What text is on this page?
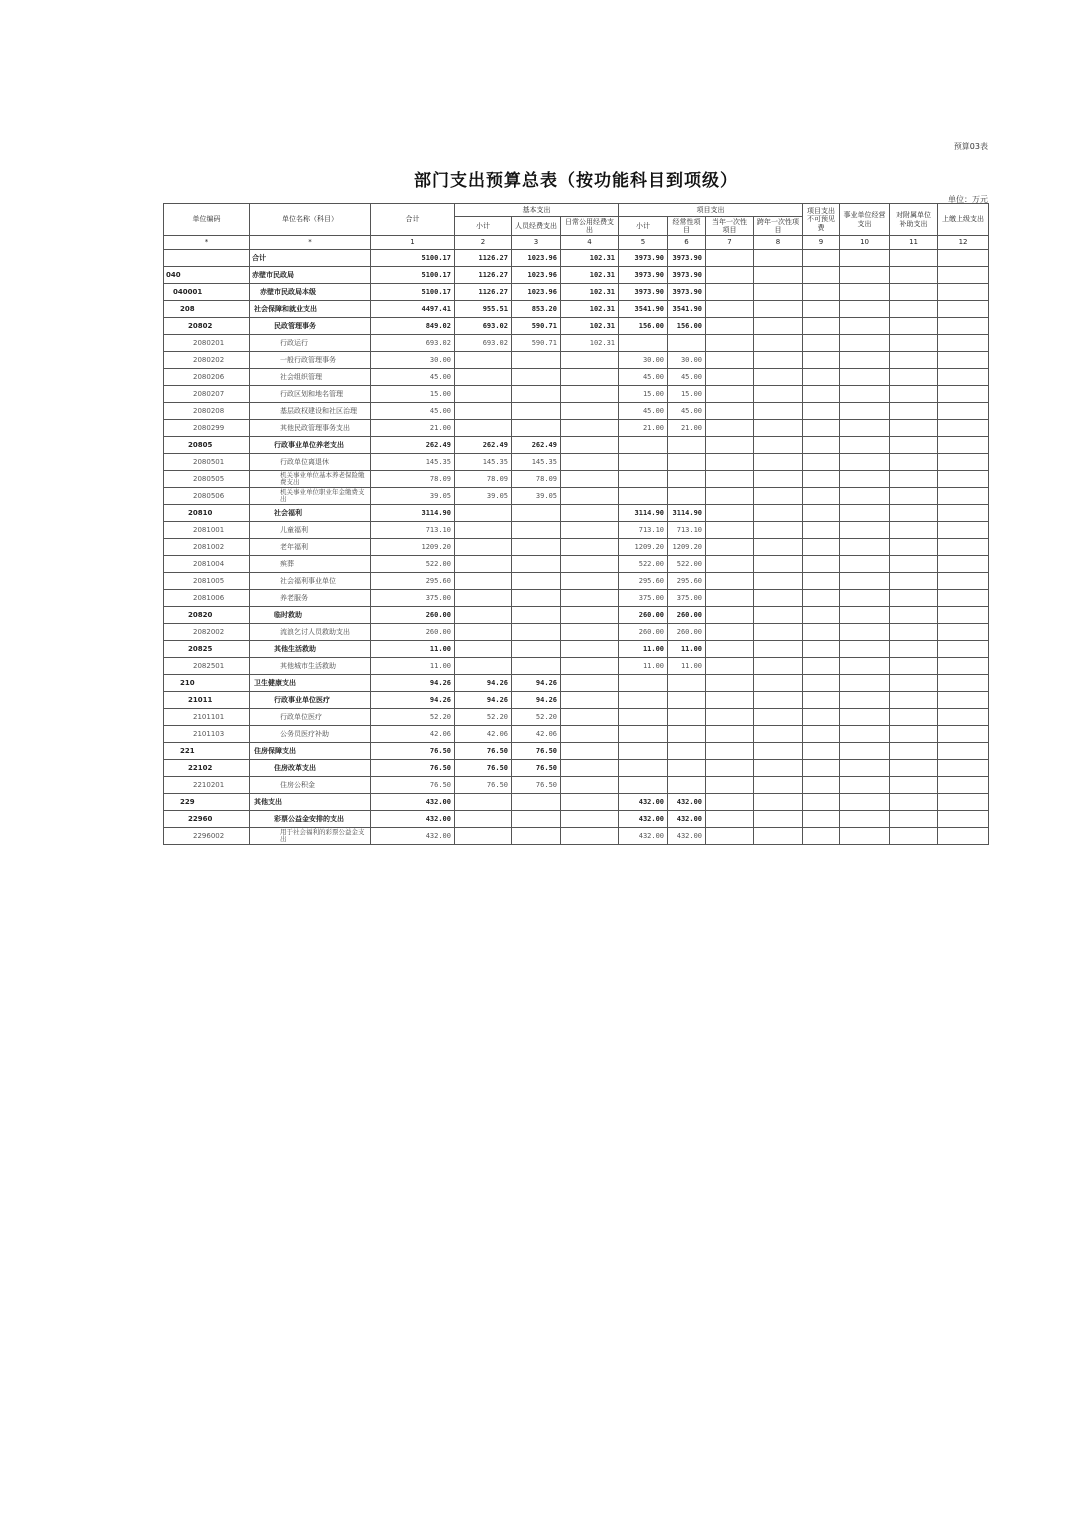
预算03表
部门支出预算总表（按功能科目到项级）
单位：万元
单位编码	单位名称（科目）	合计	基本支出			项目支出				项目支出不可预见费	事业单位经营支出	对附属单位补助支出	上缴上级支出
			小计	人员经费支出	日常公用经费支出	小计	经常性项目	当年一次性项目	跨年一次性项目				
*	*	1	2	3	4	5	6	7	8	9	10	11	12
	合计	5100.17	1126.27	1023.96	102.31	3973.90	3973.90						
040	赤壁市民政局	5100.17	1126.27	1023.96	102.31	3973.90	3973.90						
040001	赤壁市民政局本级	5100.17	1126.27	1023.96	102.31	3973.90	3973.90						
208	社会保障和就业支出	4497.41	955.51	853.20	102.31	3541.90	3541.90						
20802	民政管理事务	849.02	693.02	590.71	102.31	156.00	156.00						
2080201	行政运行	693.02	693.02	590.71	102.31								
2080202	一般行政管理事务	30.00				30.00	30.00						
2080206	社会组织管理	45.00				45.00	45.00						
2080207	行政区划和地名管理	15.00				15.00	15.00						
2080208	基层政权建设和社区治理	45.00				45.00	45.00						
2080299	其他民政管理事务支出	21.00				21.00	21.00						
20805	行政事业单位养老支出	262.49	262.49	262.49									
2080501	行政单位离退休	145.35	145.35	145.35									
2080505	机关事业单位基本养老保险缴费支出	78.09	78.09	78.09									
2080506	机关事业单位职业年金缴费支出	39.05	39.05	39.05									
20810	社会福利	3114.90				3114.90	3114.90						
2081001	儿童福利	713.10				713.10	713.10						
2081002	老年福利	1209.20				1209.20	1209.20						
2081004	殡葬	522.00				522.00	522.00						
2081005	社会福利事业单位	295.60				295.60	295.60						
2081006	养老服务	375.00				375.00	375.00						
20820	临时救助	260.00				260.00	260.00						
2082002	流浪乞讨人员救助支出	260.00				260.00	260.00						
20825	其他生活救助	11.00				11.00	11.00						
2082501	其他城市生活救助	11.00				11.00	11.00						
210	卫生健康支出	94.26	94.26	94.26									
21011	行政事业单位医疗	94.26	94.26	94.26									
2101101	行政单位医疗	52.20	52.20	52.20									
2101103	公务员医疗补助	42.06	42.06	42.06									
221	住房保障支出	76.50	76.50	76.50									
22102	住房改革支出	76.50	76.50	76.50									
2210201	住房公积金	76.50	76.50	76.50									
229	其他支出	432.00				432.00	432.00						
22960	彩票公益金安排的支出	432.00				432.00	432.00						
2296002	用于社会福利的彩票公益金支出	432.00				432.00	432.00						
